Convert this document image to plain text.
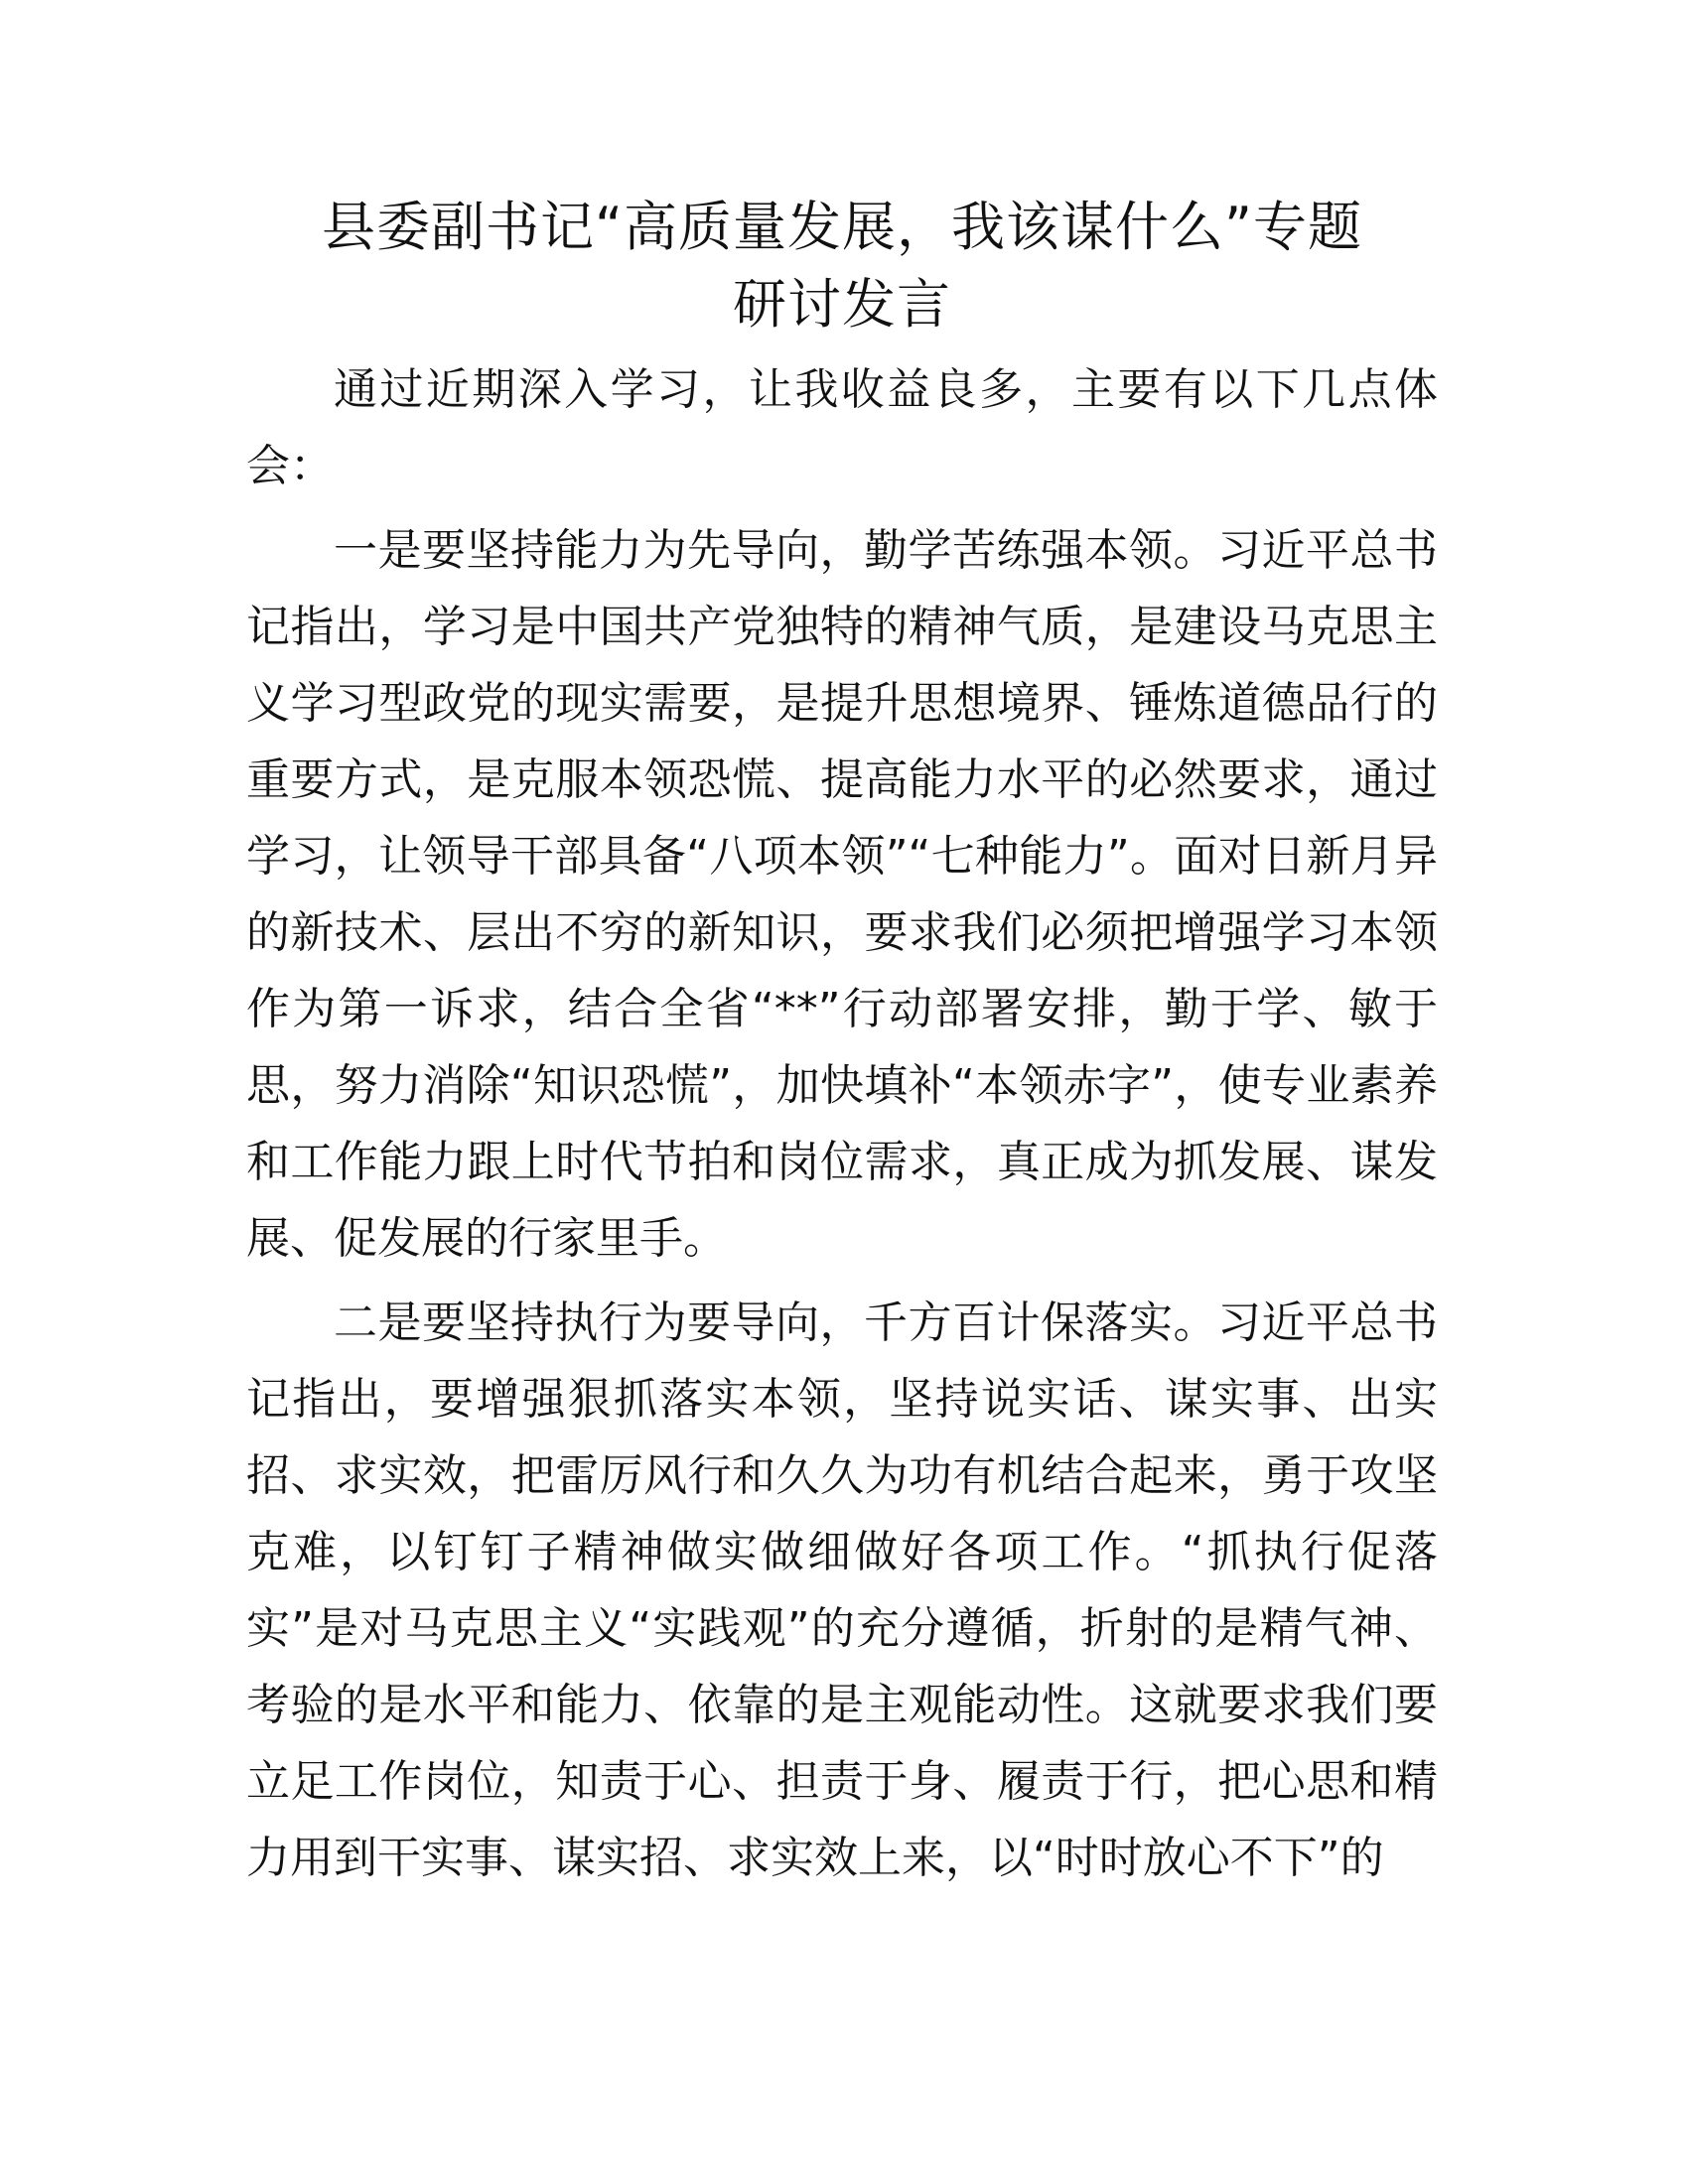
县委副书记“高质量发展，我该谋什么”专题
研讨发言

通过近期深入学习，让我收益良多，主要有以下几点体会：

一是要坚持能力为先导向，勤学苦练强本领。习近平总书记指出，学习是中国共产党独特的精神气质，是建设马克思主义学习型政党的现实需要，是提升思想境界、锤炼道德品行的重要方式，是克服本领恐慌、提高能力水平的必然要求，通过学习，让领导干部具备“八项本领”“七种能力”。面对日新月异的新技术、层出不穷的新知识，要求我们必须把增强学习本领作为第一诉求，结合全省“**”行动部署安排，勤于学、敏于思，努力消除“知识恐慌”，加快填补“本领赤字”，使专业素养和工作能力跟上时代节拍和岗位需求，真正成为抓发展、谋发展、促发展的行家里手。

二是要坚持执行为要导向，千方百计保落实。习近平总书记指出，要增强狠抓落实本领，坚持说实话、谋实事、出实招、求实效，把雷厉风行和久久为功有机结合起来，勇于攻坚克难，以钉钉子精神做实做细做好各项工作。“抓执行促落实”是对马克思主义“实践观”的充分遵循，折射的是精气神、考验的是水平和能力、依靠的是主观能动性。这就要求我们要立足工作岗位，知责于心、担责于身、履责于行，把心思和精力用到干实事、谋实招、求实效上来，以“时时放心不下”的
